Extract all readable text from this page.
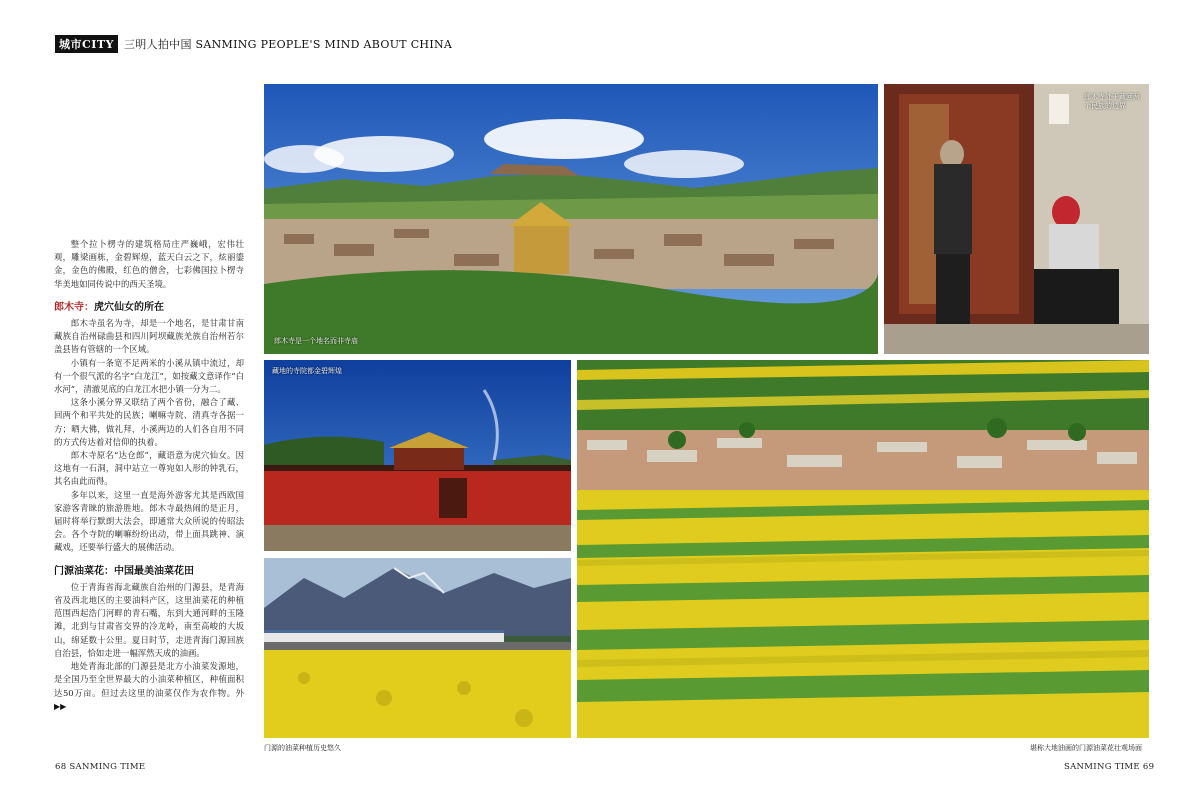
城市CITY 三明人拍中国 SANMING PEOPLE'S MIND ABOUT CHINA

整个拉卜楞寺的建筑格局庄严巍峨，宏伟壮观，雕梁画栋，金碧辉煌，蓝天白云之下，炫丽鎏金，金色的佛殿，红色的僧舍，七彩佛国拉卜楞寺华美地如同传说中的西天圣境。

郎木寺：虎穴仙女的所在

郎木寺虽名为寺，却是一个地名，是甘肃甘南藏族自治州碌曲县和四川阿坝藏族羌族自治州若尔盖县皆有管辖的一个区域。

小镇有一条宽不足两米的小溪从镇中流过，却有一个很气派的名字“白龙江”，如按藏文意译作“白水河”，清澈见底的白龙江水把小镇一分为二。

这条小溪分界又联结了两个省份，融合了藏、回两个和平共处的民族；喇嘛寺院、清真寺各据一方；晒大佛，做礼拜，小溪两边的人们各自用不同的方式传达着对信仰的执着。

郎木寺原名“达仓郎”，藏语意为虎穴仙女。因这地有一石洞，洞中站立一尊宛如人形的钟乳石，其名由此而得。

多年以来，这里一直是海外游客尤其是西欧国家游客青睐的旅游胜地。郎木寺最热闹的是正月，届时将举行默朗大法会，即通常大众所说的传昭法会。各个寺院的喇嘛纷纷出动，带上面具跳神、演藏戏，还要举行盛大的展佛活动。

门源油菜花：中国最美油菜花田

位于青海省海北藏族自治州的门源县，是青海省及西北地区的主要油料产区，这里油菜花的种植范围西起浩门河畔的青石嘴，东到大通河畔的玉隆滩，北到与甘肃省交界的冷龙岭，南至高峻的大坂山，绵延数十公里。夏日时节，走进青海门源回族自治县，恰如走进一幅浑然天成的油画。

地处青海北部的门源县是北方小油菜发源地，是全国乃至全世界最大的小油菜种植区，种植面积达50万亩。但过去这里的油菜仅作为农作物。外 ▶▶

郎木寺是一个地名而非寺庙
郎木寺处于藏回两个民族的边界
藏地的寺院都金碧辉煌
门源的油菜种植历史悠久	堪称大地油画的门源油菜花壮观场面
68 SANMING TIME	SANMING TIME 69
